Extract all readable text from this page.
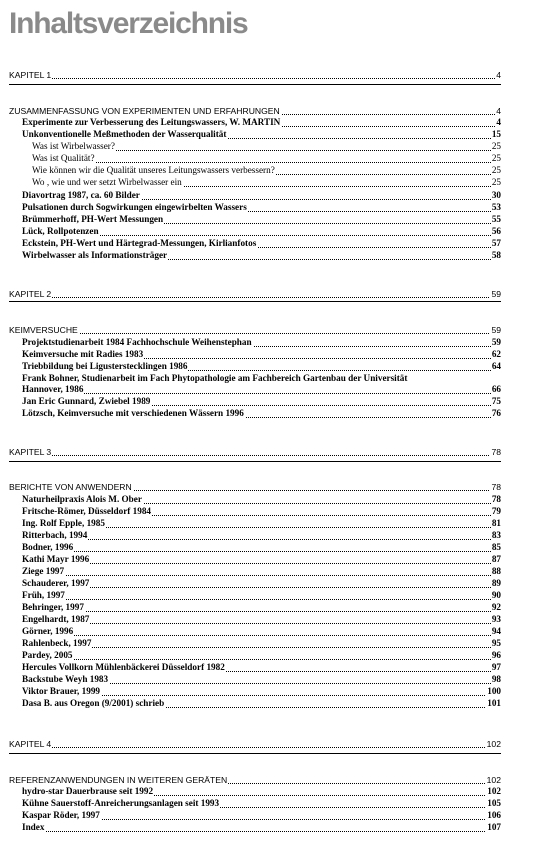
Inhaltsverzeichnis
KAPITEL 1	4
ZUSAMMENFASSUNG VON EXPERIMENTEN UND ERFAHRUNGEN	4
Experimente zur Verbesserung des Leitungswassers, W. MARTIN	4
Unkonventionelle Meßmethoden der Wasserqualität	15
Was ist Wirbelwasser?	25
Was ist Qualität?	25
Wie können wir die Qualität unseres Leitungswassers verbessern?	25
Wo , wie und wer setzt Wirbelwasser ein	25
Diavortrag 1987, ca. 60 Bilder	30
Pulsationen durch Sogwirkungen eingewirbelten Wassers	53
Brümmerhoff, PH-Wert Messungen	55
Lück, Rollpotenzen	56
Eckstein, PH-Wert und Härtegrad-Messungen, Kirlianfotos	57
Wirbelwasser als Informationsträger	58
KAPITEL 2	59
KEIMVERSUCHE	59
Projektstudienarbeit 1984 Fachhochschule Weihenstephan	59
Keimversuche mit Radies 1983	62
Triebbildung bei Ligusterstecklingen 1986	64
Frank Bohner, Studienarbeit im Fach Phytopathologie am Fachbereich Gartenbau der Universität
Hannover, 1986	66
Jan Eric Gunnard, Zwiebel 1989	75
Lötzsch, Keimversuche mit verschiedenen Wässern 1996	76
KAPITEL 3	78
BERICHTE VON ANWENDERN	78
Naturheilpraxis Alois M. Ober	78
Fritsche-Römer, Düsseldorf 1984	79
Ing. Rolf Epple, 1985	81
Ritterbach, 1994	83
Bodner, 1996	85
Kathi Mayr 1996	87
Ziege 1997	88
Schauderer, 1997	89
Früh, 1997	90
Behringer, 1997	92
Engelhardt, 1987	93
Görner, 1996	94
Rahlenbeck, 1997	95
Pardey, 2005	96
Hercules Vollkorn Mühlenbäckerei Düsseldorf 1982	97
Backstube Weyh 1983	98
Viktor Brauer, 1999	100
Dasa B. aus Oregon (9/2001) schrieb	101
KAPITEL 4	102
REFERENZANWENDUNGEN IN WEITEREN GERÄTEN	102
hydro-star Dauerbrause seit 1992	102
Kühne Sauerstoff-Anreicherungsanlagen seit 1993	105
Kaspar Röder, 1997	106
Index	107
